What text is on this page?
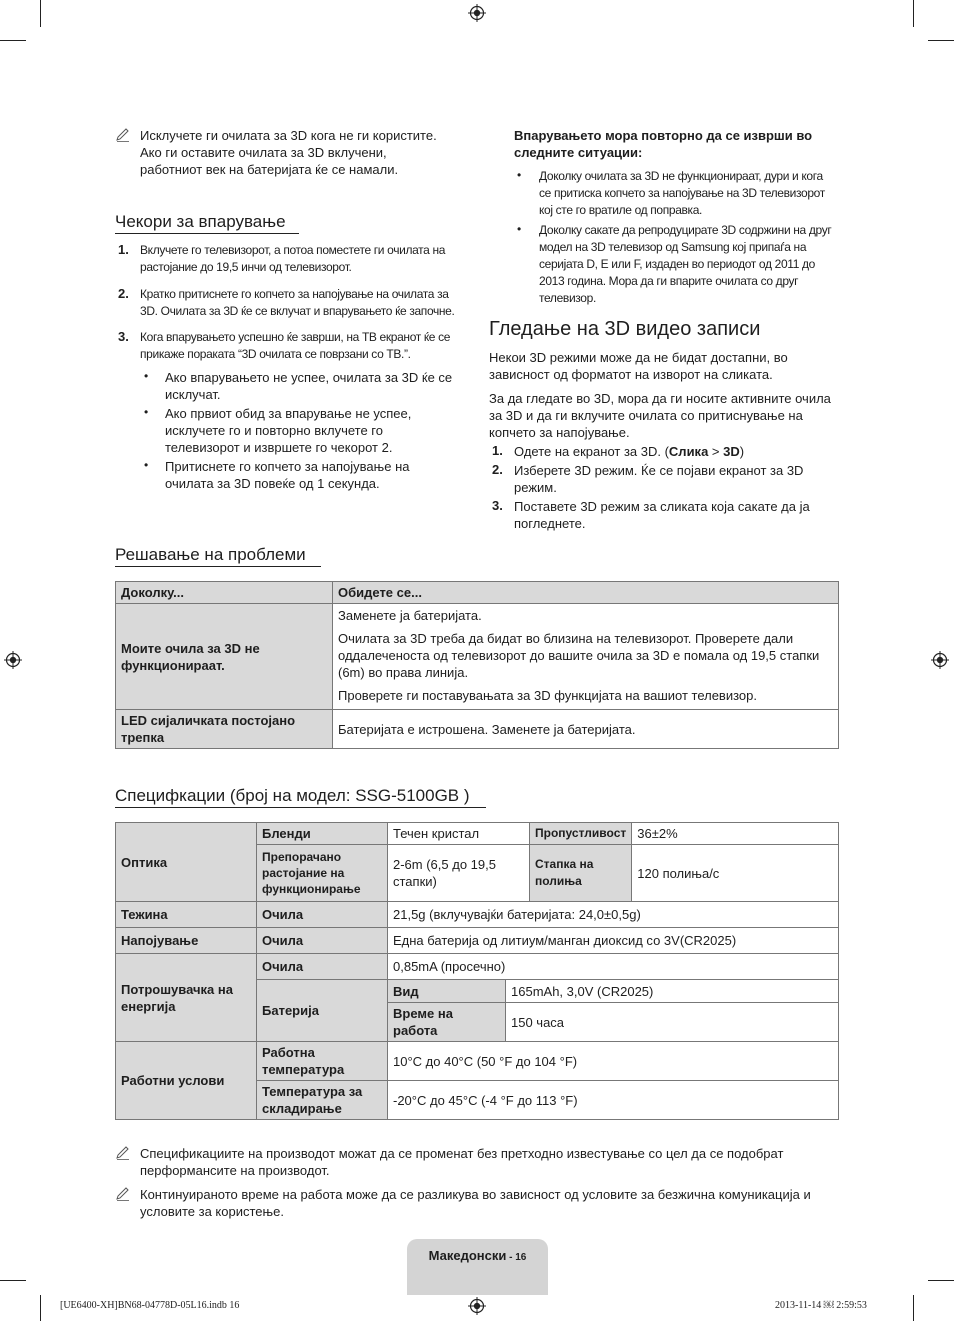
Исклучете ги очилата за 3D кога не ги користите. Ако ги оставите очилата за 3D вклучени, работниот век на батеријата ќе се намали.
Чекори за впарување
1. Вклучете го телевизорот, а потоа поместете ги очилата на растојание до 19,5 инчи од телевизорот.
2. Кратко притиснете го копчето за напојување на очилата за 3D. Очилата за 3D ќе се вклучат и впарувањето ќе започне.
3. Кога впарувањето успешно ќе заврши, на ТВ екранот ќе се прикаже пораката “3D очилата се поврзани со ТВ.”.
• Ако впарувањето не успее, очилата за 3D ќе се исклучат.
• Ако првиот обид за впарување не успее, исклучете го и повторно вклучете го телевизорот и извршете го чекорот 2.
• Притиснете го копчето за напојување на очилата за 3D повеќе од 1 секунда.
Впарувањето мора повторно да се изврши во следните ситуации:
• Доколку очилата за 3D не функционираат, дури и кога се притиска копчето за напојување на 3D телевизорот кој сте го вратиле од поправка.
• Доколку сакате да репродуцирате 3D содржини на друг модел на 3D телевизор од Samsung кој припаѓа на серијата D, E или F, издаден во периодот од 2011 до 2013 година. Мора да ги впарите очилата со друг телевизор.
Гледање на 3D видео записи
Некои 3D режими може да не бидат достапни, во зависност од форматот на изворот на сликата.
За да гледате во 3D, мора да ги носите активните очила за 3D и да ги вклучите очилата со притиснување на копчето за напојување.
1. Одете на екранот за 3D. (Слика > 3D)
2. Изберете 3D режим. Ќе се појави екранот за 3D режим.
3. Поставете 3D режим за сликата која сакате да ја погледнете.
Решавање на проблеми
Доколку...	Обидете се...
Моите очила за 3D не функционираат.	Заменете ја батеријата.
Очилата за 3D треба да бидат во близина на телевизорот. Проверете дали оддалеченоста од телевизорот до вашите очила за 3D е помала од 19,5 стапки (6m) во права линија.
Проверете ги поставувањата за 3D функцијата на вашиот телевизор.

LED сијаличката постојано трепка	Батеријата е истрошена. Заменете ја батеријата.
Специфкации (број на модел: SSG-5100GB )
Оптика	Бленди	Течен кристал		Пропустливост	36±2%
	Препорачано растојание на функционирање	2-6m (6,5 до 19,5 стапки)		Стапка на полиња	120 полиња/с
Тежина	Очила	21,5g (вклучувајќи батеријата: 24,0±0,5g)			
Напојување	Очила	Една батерија од литиум/манган диоксид со 3V(CR2025)			
Потрошувачка на енергија	Очила	0,85mA (просечно)			
	Батерија	Вид	165mAh, 3,0V (CR2025)		
		Време на работа	150 часа		
Работни услови	Работна температура	10°C до 40°C (50 °F до 104 °F)			
	Температура за складирање	-20°C до 45°C (-4 °F до 113 °F)			
Спецификациите на производот можат да се променат без претходно известување со цел да се подобрат перформансите на производот.
Континуираното време на работа може да се разликува во зависност од условите за безжична комуникација и условите за користење.
Македонски - 16
[UE6400-XH]BN68-04778D-05L16.indb 16	2013-11-14 ￼ 2:59:53
